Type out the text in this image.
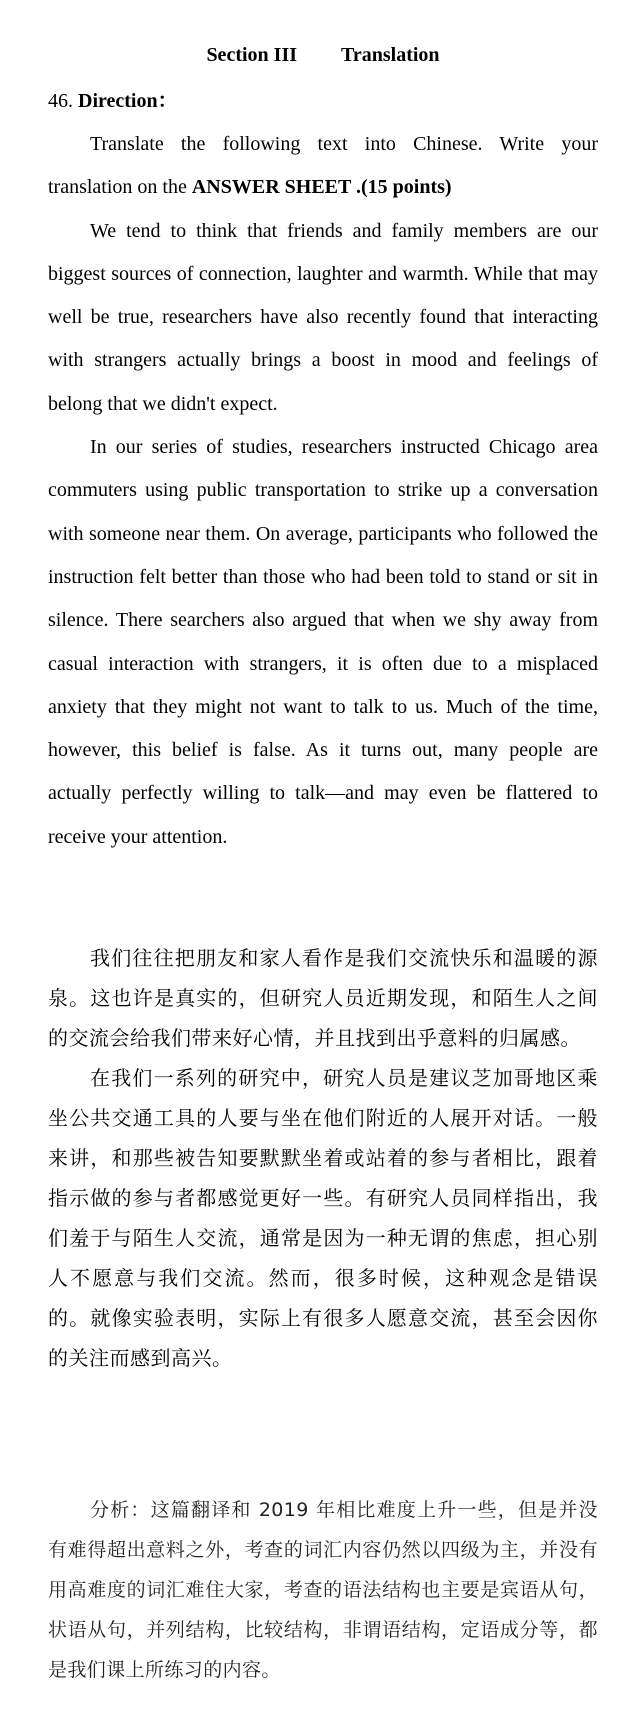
Section III Translation
46. Direction：

Translate the following text into Chinese. Write your translation on the ANSWER SHEET .(15 points)

We tend to think that friends and family members are our biggest sources of connection, laughter and warmth. While that may well be true, researchers have also recently found that interacting with strangers actually brings a boost in mood and feelings of belong that we didn't expect.

In our series of studies, researchers instructed Chicago area commuters using public transportation to strike up a conversation with someone near them. On average, participants who followed the instruction felt better than those who had been told to stand or sit in silence. There searchers also argued that when we shy away from casual interaction with strangers, it is often due to a misplaced anxiety that they might not want to talk to us. Much of the time, however, this belief is false. As it turns out, many people are actually perfectly willing to talk—and may even be flattered to receive your attention.

我们往往把朋友和家人看作是我们交流快乐和温暖的源泉。这也许是真实的，但研究人员近期发现，和陌生人之间的交流会给我们带来好心情，并且找到出乎意料的归属感。

在我们一系列的研究中，研究人员是建议芝加哥地区乘坐公共交通工具的人要与坐在他们附近的人展开对话。一般来讲，和那些被告知要默默坐着或站着的参与者相比，跟着指示做的参与者都感觉更好一些。有研究人员同样指出，我们羞于与陌生人交流，通常是因为一种无谓的焦虑，担心别人不愿意与我们交流。然而，很多时候，这种观念是错误的。就像实验表明，实际上有很多人愿意交流，甚至会因你的关注而感到高兴。

分析：这篇翻译和 2019 年相比难度上升一些，但是并没有难得超出意料之外，考查的词汇内容仍然以四级为主，并没有用高难度的词汇难住大家，考查的语法结构也主要是宾语从句，状语从句，并列结构，比较结构，非谓语结构，定语成分等，都是我们课上所练习的内容。
